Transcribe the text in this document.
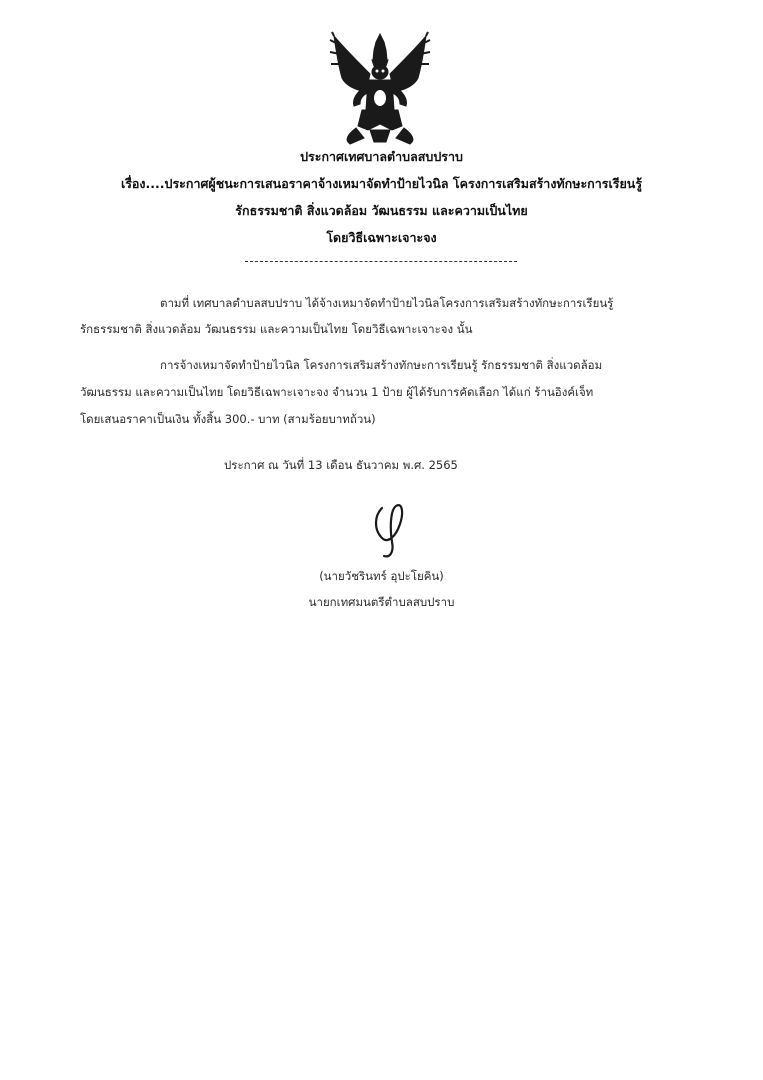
ประกาศเทศบาลตำบลสบปราบ
เรื่อง....ประกาศผู้ชนะการเสนอราคาจ้างเหมาจัดทำป้ายไวนิล โครงการเสริมสร้างทักษะการเรียนรู้
รักธรรมชาติ สิ่งแวดล้อม วัฒนธรรม และความเป็นไทย
โดยวิธีเฉพาะเจาะจง
ตามที่ เทศบาลตำบลสบปราบ ได้จ้างเหมาจัดทำป้ายไวนิลโครงการเสริมสร้างทักษะการเรียนรู้
รักธรรมชาติ สิ่งแวดล้อม วัฒนธรรม และความเป็นไทย โดยวิธีเฉพาะเจาะจง นั้น
การจ้างเหมาจัดทำป้ายไวนิล โครงการเสริมสร้างทักษะการเรียนรู้ รักธรรมชาติ สิ่งแวดล้อม
วัฒนธรรม และความเป็นไทย โดยวิธีเฉพาะเจาะจง จำนวน 1 ป้าย ผู้ได้รับการคัดเลือก ได้แก่ ร้านอิงค์เจ็ท
โดยเสนอราคาเป็นเงิน ทั้งสิ้น 300.- บาท (สามร้อยบาทถ้วน)
ประกาศ ณ วันที่ 13 เดือน ธันวาคม พ.ศ. 2565
(นายวัชรินทร์ อุปะโยคิน)
นายกเทศมนตรีตำบลสบปราบ
